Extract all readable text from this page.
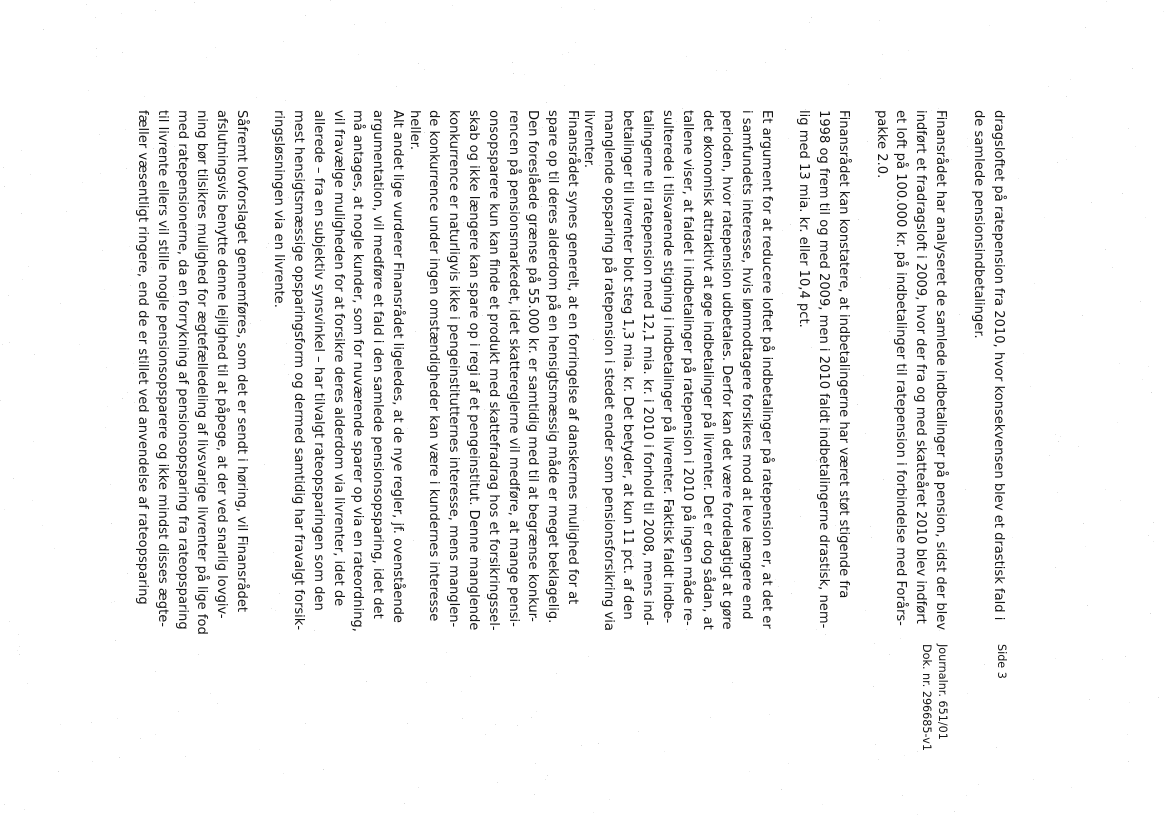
Side 3
Journalnr. 651/01
Dok. nr. 296685-v1
dragsloftet på ratepension fra 2010, hvor konsekvensen blev et drastisk fald i
de samlede pensionsindbetalinger.
Finansrådet har analyseret de samlede indbetalinger på pension, sidst der blev
indført et fradragsloft i 2009, hvor der fra og med skatteåret 2010 blev indført
et loft på 100.000 kr. på indbetalinger til ratepension i forbindelse med Forårs-
pakke 2.0.
Finansrådet kan konstatere, at indbetalingerne har været støt stigende fra
1998 og frem til og med 2009, men i 2010 faldt indbetalingerne drastisk, nem-
lig med 13 mia. kr. eller 10,4 pct.
Et argument for at reducere loftet på indbetalinger på ratepension er, at det er
i samfundets interesse, hvis lønmodtagere forsikres mod at leve længere end
perioden, hvor ratepension udbetales. Derfor kan det være fordelagtigt at gøre
det økonomisk attraktivt at øge indbetalinger på livrenter. Det er dog sådan, at
tallene viser, at faldet i indbetalinger på ratepension i 2010 på ingen måde re-
sulterede i tilsvarende stigning i indbetalinger på livrenter. Faktisk faldt indbe-
talingerne til ratepension med 12,1 mia. kr. i 2010 i forhold til 2008, mens ind-
betalinger til livrenter blot steg 1,3 mia. kr. Det betyder, at kun 11 pct. af den
manglende opsparing på ratepension i stedet ender som pensionsforsikring via
livrenter.
Finansrådet synes generelt, at en forringelse af danskernes mulighed for at
spare op til deres alderdom på en hensigtsmæssig måde er meget beklagelig.
Den foreslåede grænse på 55.000 kr. er samtidig med til at begrænse konkur-
rencen på pensionsmarkedet, idet skattereglerne vil medføre, at mange pensi-
onsopsparere kun kan finde et produkt med skattefradrag hos et forsikringssel-
skab og ikke længere kan spare op i regi af et pengeinstitut. Denne manglende
konkurrence er naturligvis ikke i pengeinstitutternes interesse, mens manglen-
de konkurrence under ingen omstændigheder kan være i kundernes interesse
heller.
Alt andet lige vurderer Finansrådet ligeledes, at de nye regler, jf. ovenstående
argumentation, vil medføre et fald i den samlede pensionsopsparing, idet det
må antages, at nogle kunder, som for nuværende sparer op via en rateordning,
vil fravælge muligheden for at forsikre deres alderdom via livrenter, idet de
allerede – fra en subjektiv synsvinkel – har tilvalgt rateopsparingen som den
mest hensigtsmæssige opsparingsform og dermed samtidig har fravalgt forsik-
ringsløsningen via en livrente.
Såfremt lovforslaget gennemføres, som det er sendt i høring, vil Finansrådet
afslutningsvis benytte denne lejlighed til at påpege, at der ved snarlig lovgiv-
ning bør tilsikres mulighed for ægtefælledeling af livsvarige livrenter på lige fod
med ratepensionerne, da en forrykning af pensionsopsparing fra rateopsparing
til livrente ellers vil stille nogle pensionsopsparere og ikke mindst disses ægte-
fæller væsentligt ringere, end de er stillet ved anvendelse af rateopsparing
